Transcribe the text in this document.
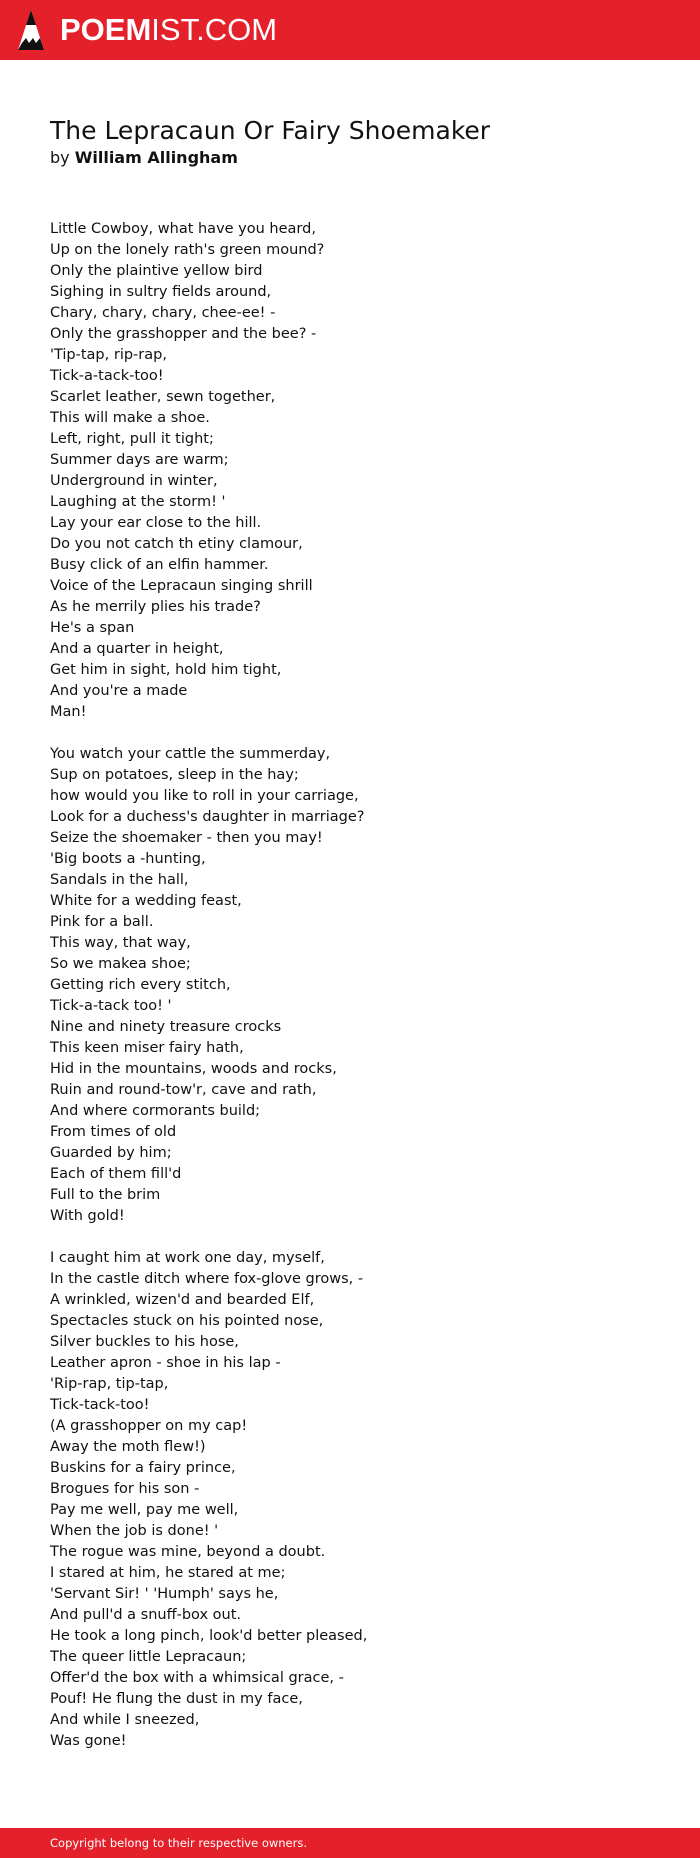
POEMIST.COM
The Lepracaun Or Fairy Shoemaker
by William Allingham
Little Cowboy, what have you heard,
Up on the lonely rath's green mound?
Only the plaintive yellow bird
Sighing in sultry fields around,
Chary, chary, chary, chee-ee! -
Only the grasshopper and the bee? -
'Tip-tap, rip-rap,
Tick-a-tack-too!
Scarlet leather, sewn together,
This will make a shoe.
Left, right, pull it tight;
Summer days are warm;
Underground in winter,
Laughing at the storm! '
Lay your ear close to the hill.
Do you not catch th etiny clamour,
Busy click of an elfin hammer.
Voice of the Lepracaun singing shrill
As he merrily plies his trade?
He's a span
And a quarter in height,
Get him in sight, hold him tight,
And you're a made
Man!
You watch your cattle the summerday,
Sup on potatoes, sleep in the hay;
how would you like to roll in your carriage,
Look for a duchess's daughter in marriage?
Seize the shoemaker - then you may!
'Big boots a -hunting,
Sandals in the hall,
White for a wedding feast,
Pink for a ball.
This way, that way,
So we makea shoe;
Getting rich every stitch,
Tick-a-tack too! '
Nine and ninety treasure crocks
This keen miser fairy hath,
Hid in the mountains, woods and rocks,
Ruin and round-tow'r, cave and rath,
And where cormorants build;
From times of old
Guarded by him;
Each of them fill'd
Full to the brim
With gold!
I caught him at work one day, myself,
In the castle ditch where fox-glove grows, -
A wrinkled, wizen'd and bearded Elf,
Spectacles stuck on his pointed nose,
Silver buckles to his hose,
Leather apron - shoe in his lap -
'Rip-rap, tip-tap,
Tick-tack-too!
(A grasshopper on my cap!
Away the moth flew!)
Buskins for a fairy prince,
Brogues for his son -
Pay me well, pay me well,
When the job is done! '
The rogue was mine, beyond a doubt.
I stared at him, he stared at me;
'Servant Sir! ' 'Humph' says he,
And pull'd a snuff-box out.
He took a long pinch, look'd better pleased,
The queer little Lepracaun;
Offer'd the box with a whimsical grace, -
Pouf! He flung the dust in my face,
And while I sneezed,
Was gone!
Copyright belong to their respective owners.
